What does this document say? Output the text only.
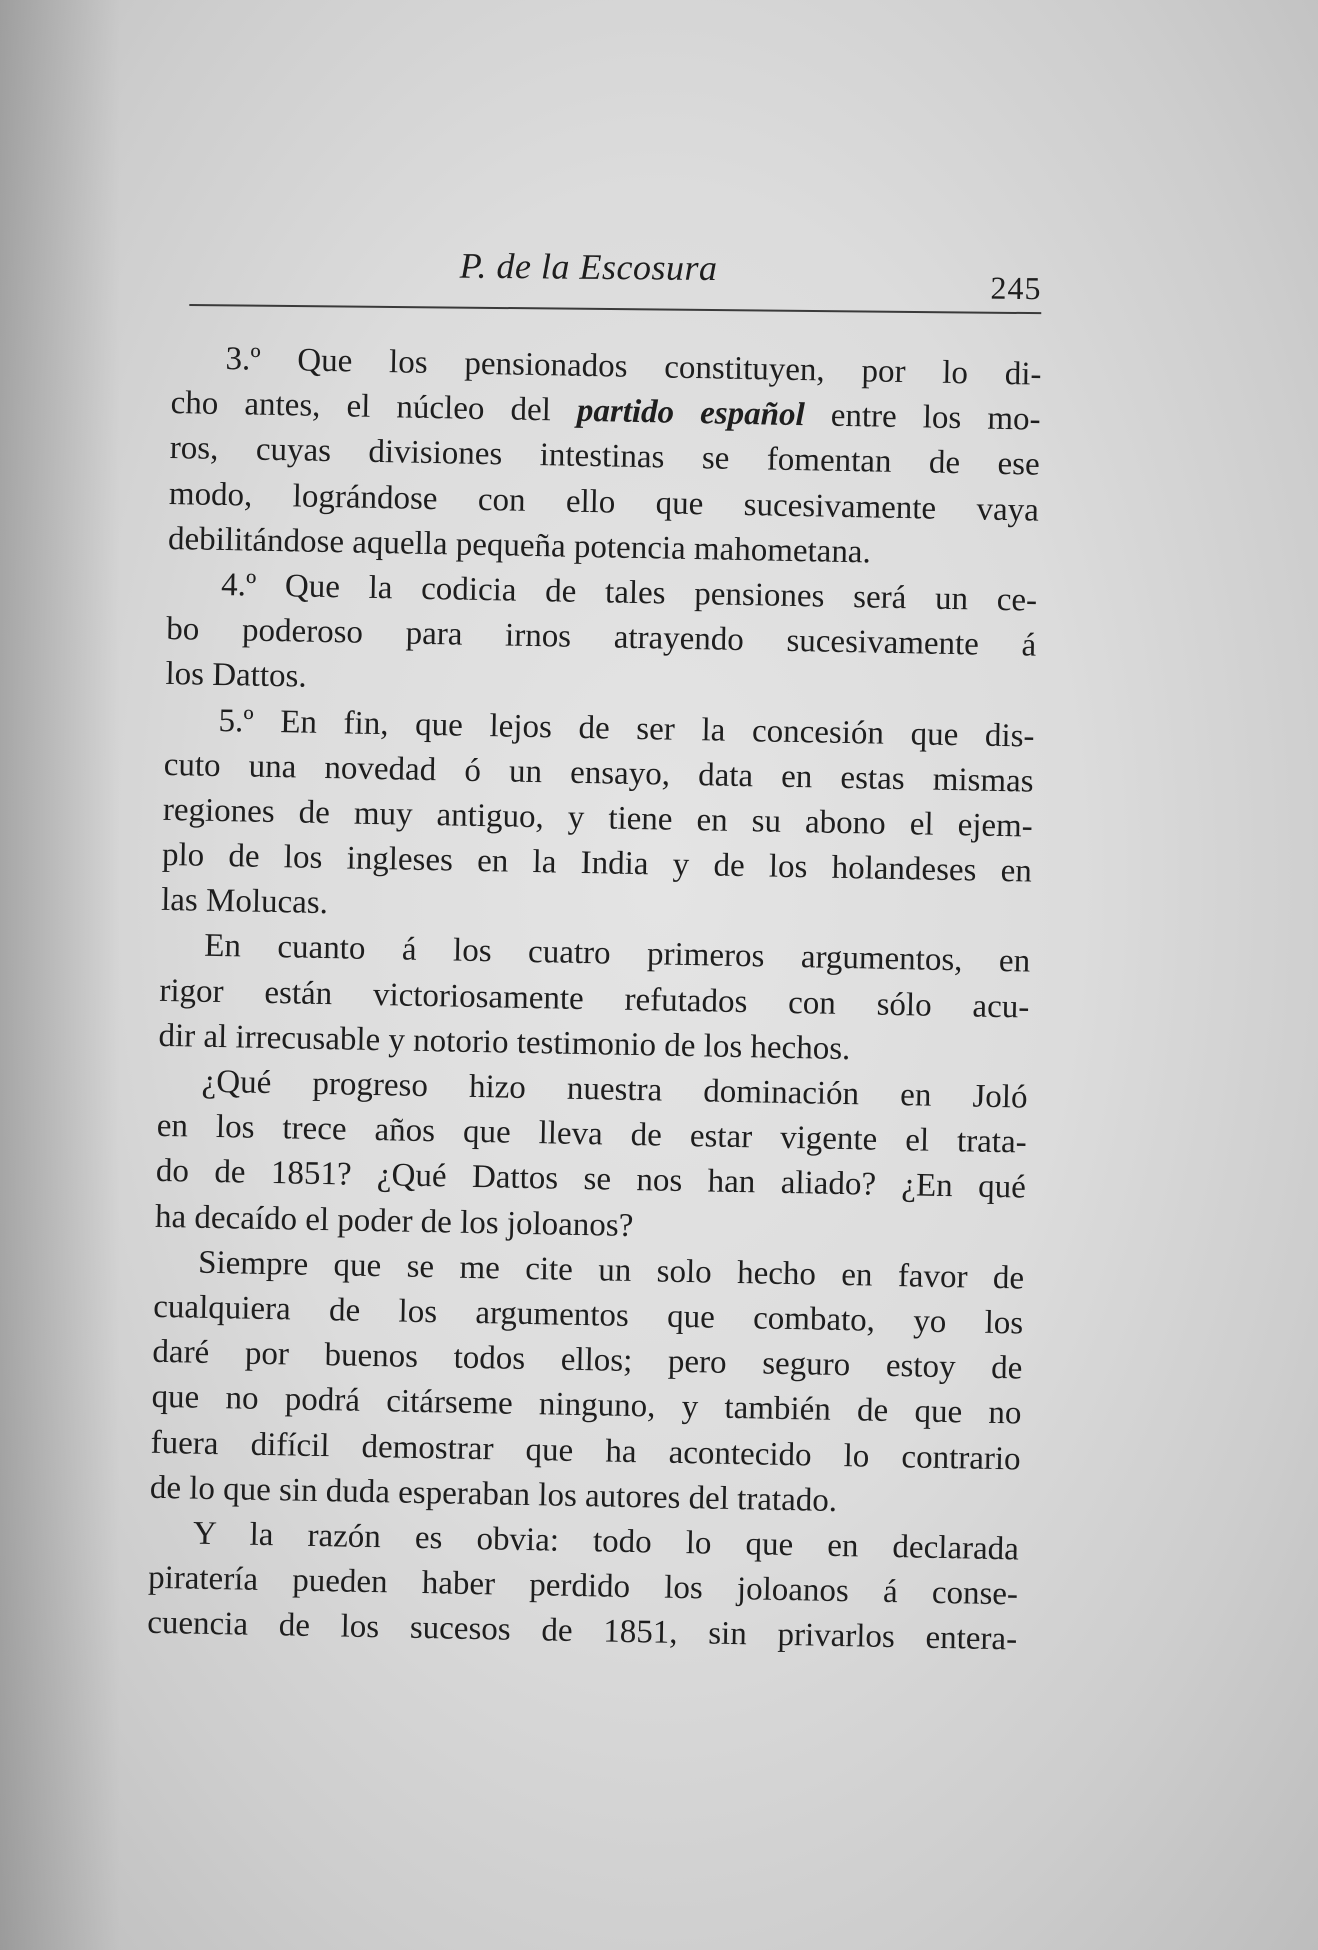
P. de la Escosura	245
3.º Que los pensionados constituyen, por lo di-
cho antes, el núcleo del partido español entre los mo-
ros, cuyas divisiones intestinas se fomentan de ese
modo, lográndose con ello que sucesivamente vaya
debilitándose aquella pequeña potencia mahometana.
4.º Que la codicia de tales pensiones será un ce-
bo poderoso para irnos atrayendo sucesivamente á
los Dattos.
5.º En fin, que lejos de ser la concesión que dis-
cuto una novedad ó un ensayo, data en estas mismas
regiones de muy antiguo, y tiene en su abono el ejem-
plo de los ingleses en la India y de los holandeses en
las Molucas.
En cuanto á los cuatro primeros argumentos, en
rigor están victoriosamente refutados con sólo acu-
dir al irrecusable y notorio testimonio de los hechos.
¿Qué progreso hizo nuestra dominación en Joló
en los trece años que lleva de estar vigente el trata-
do de 1851? ¿Qué Dattos se nos han aliado? ¿En qué
ha decaído el poder de los joloanos?
Siempre que se me cite un solo hecho en favor de
cualquiera de los argumentos que combato, yo los
daré por buenos todos ellos; pero seguro estoy de
que no podrá citárseme ninguno, y también de que no
fuera difícil demostrar que ha acontecido lo contrario
de lo que sin duda esperaban los autores del tratado.
Y la razón es obvia: todo lo que en declarada
piratería pueden haber perdido los joloanos á conse-
cuencia de los sucesos de 1851, sin privarlos entera-
